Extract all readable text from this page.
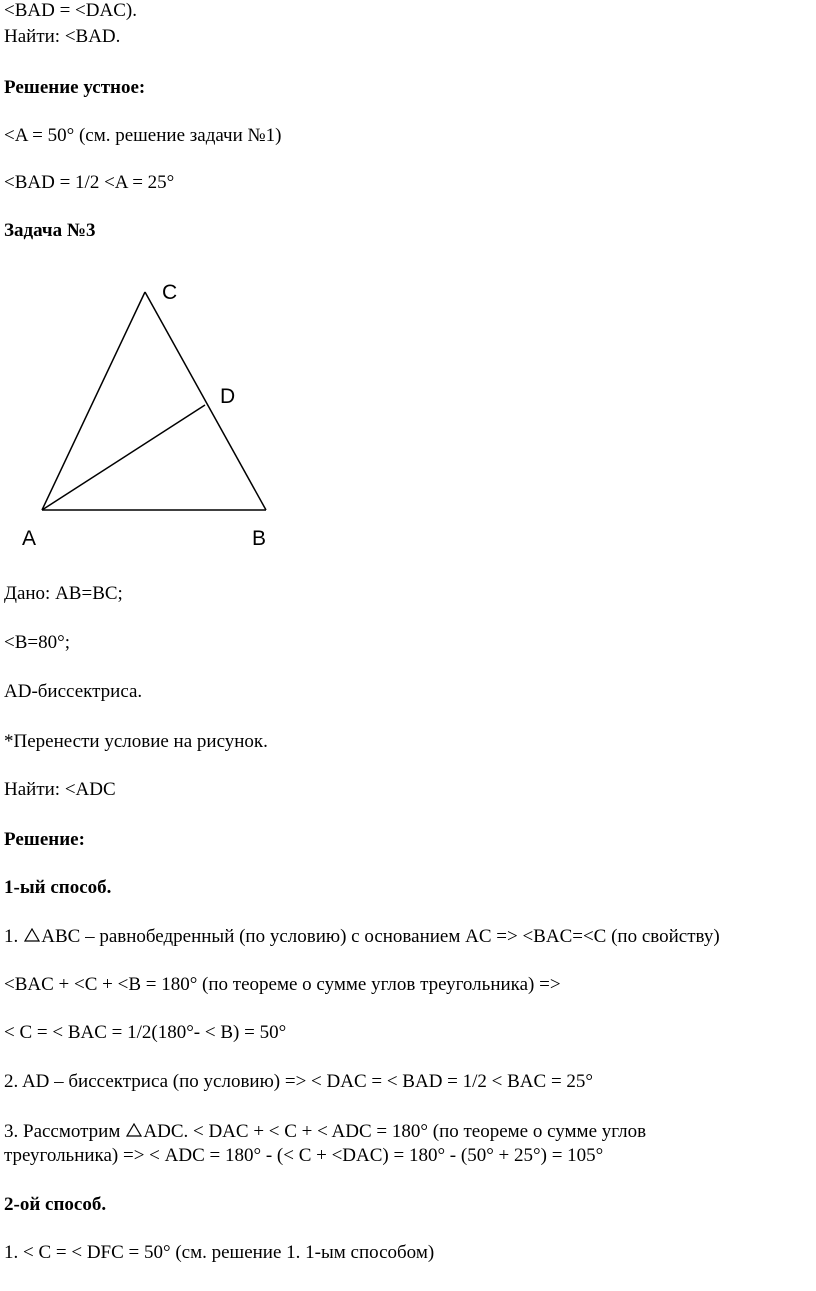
<BAD = <DAC).
Найти: <BAD.
Решение устное:
<A = 50° (см. решение задачи №1)
<BAD = 1/2 <A = 25°
Задача №3
C
D
A	B
Дано: AB=BC;
<B=80°;
AD-биссектриса.
*Перенести условие на рисунок.
Найти: <ADC
Решение:
1-ый способ.
1. ABC – равнобедренный (по условию) с основанием AC => <BAC=<C (по свойству)
<BAC + <C + <B = 180° (по теореме о сумме углов треугольника) =>
< C = < BAC = 1/2(180°- < B) = 50°
2. AD – биссектриса (по условию) => < DAC = < BAD = 1/2 < BAC = 25°
3. Рассмотрим ADC. < DAC + < C + < ADC = 180° (по теореме о сумме углов
треугольника) => < ADC = 180° - (< C + <DAC) = 180° - (50° + 25°) = 105°
2-ой способ.
1. < C = < DFC = 50° (см. решение 1. 1-ым способом)
